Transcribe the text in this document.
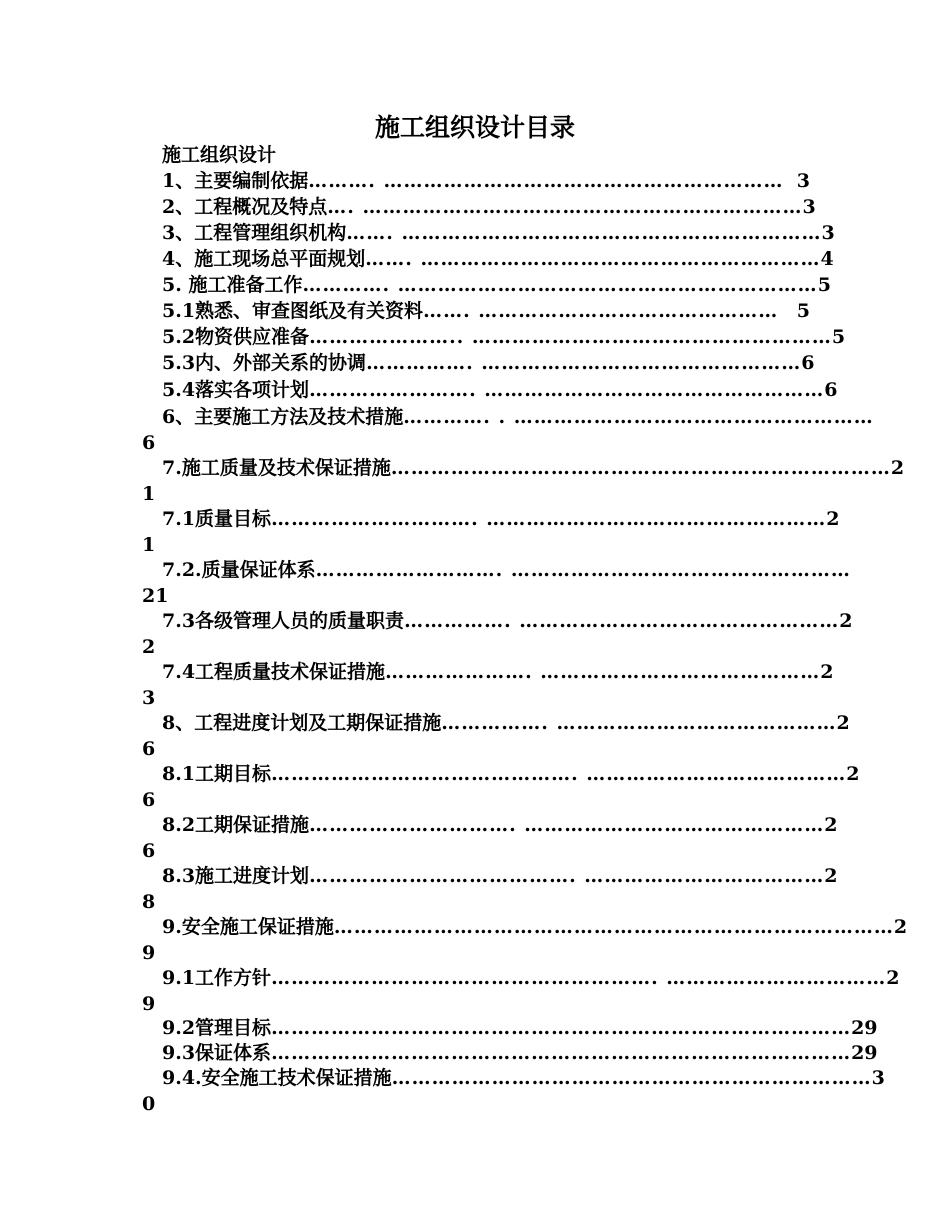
施工组织设计目录
施工组织设计
1、主要编制依据 ………. …………………………………………………… 3
2、工程概况及特点 …. ………………………………………………………… 3
3、工程管理组织机构 ……. ……………………………………………………… 3
4、施工现场总平面规划 ……. …………………………………………………… 4
5. 施工准备工作 …………. ……………………………………………………… 5
5.1熟悉、审查图纸及有关资料 ……. ……………………………………… 5
5.2物资供应准备 ………………….. ……………………………………………… 5
5.3内、外部关系的协调 ……………. ………………………………………… 6
5.4落实各项计划 ……………………. …………………………………………… 6
6、主要施工方法及技术措施 …………. . ………………………………………………
6
7.施工质量及技术保证措施 ………………………………………………………………… 2
1
7.1质量目标 …………………………. …………………………………………… 2
1
7.2.质量保证体系 ………………………. ……………………………………………
21
7.3各级管理人员的质量职责 ……………. ………………………………………… 2
2
7.4工程质量技术保证措施 …………………. …………………………………… 2
3
8、工程进度计划及工期保证措施 ……………. …………………………………… 2
6
8.1工期目标 ………………………………………. ………………………………… 2
6
8.2工期保证措施 …………………………. ……………………………………… 2
6
8.3施工进度计划 …………………………………. ……………………………… 2
8
9.安全施工保证措施 ………………………………………………………………………… 2
9
9.1工作方针 …………………………………………………. …………………………… 2
9
9.2管理目标 …………………………………………………………………………… 29
9.3保证体系 …………………………………………………………………………… 29
9.4.安全施工技术保证措施 ……………………………………………………………… 3
0
